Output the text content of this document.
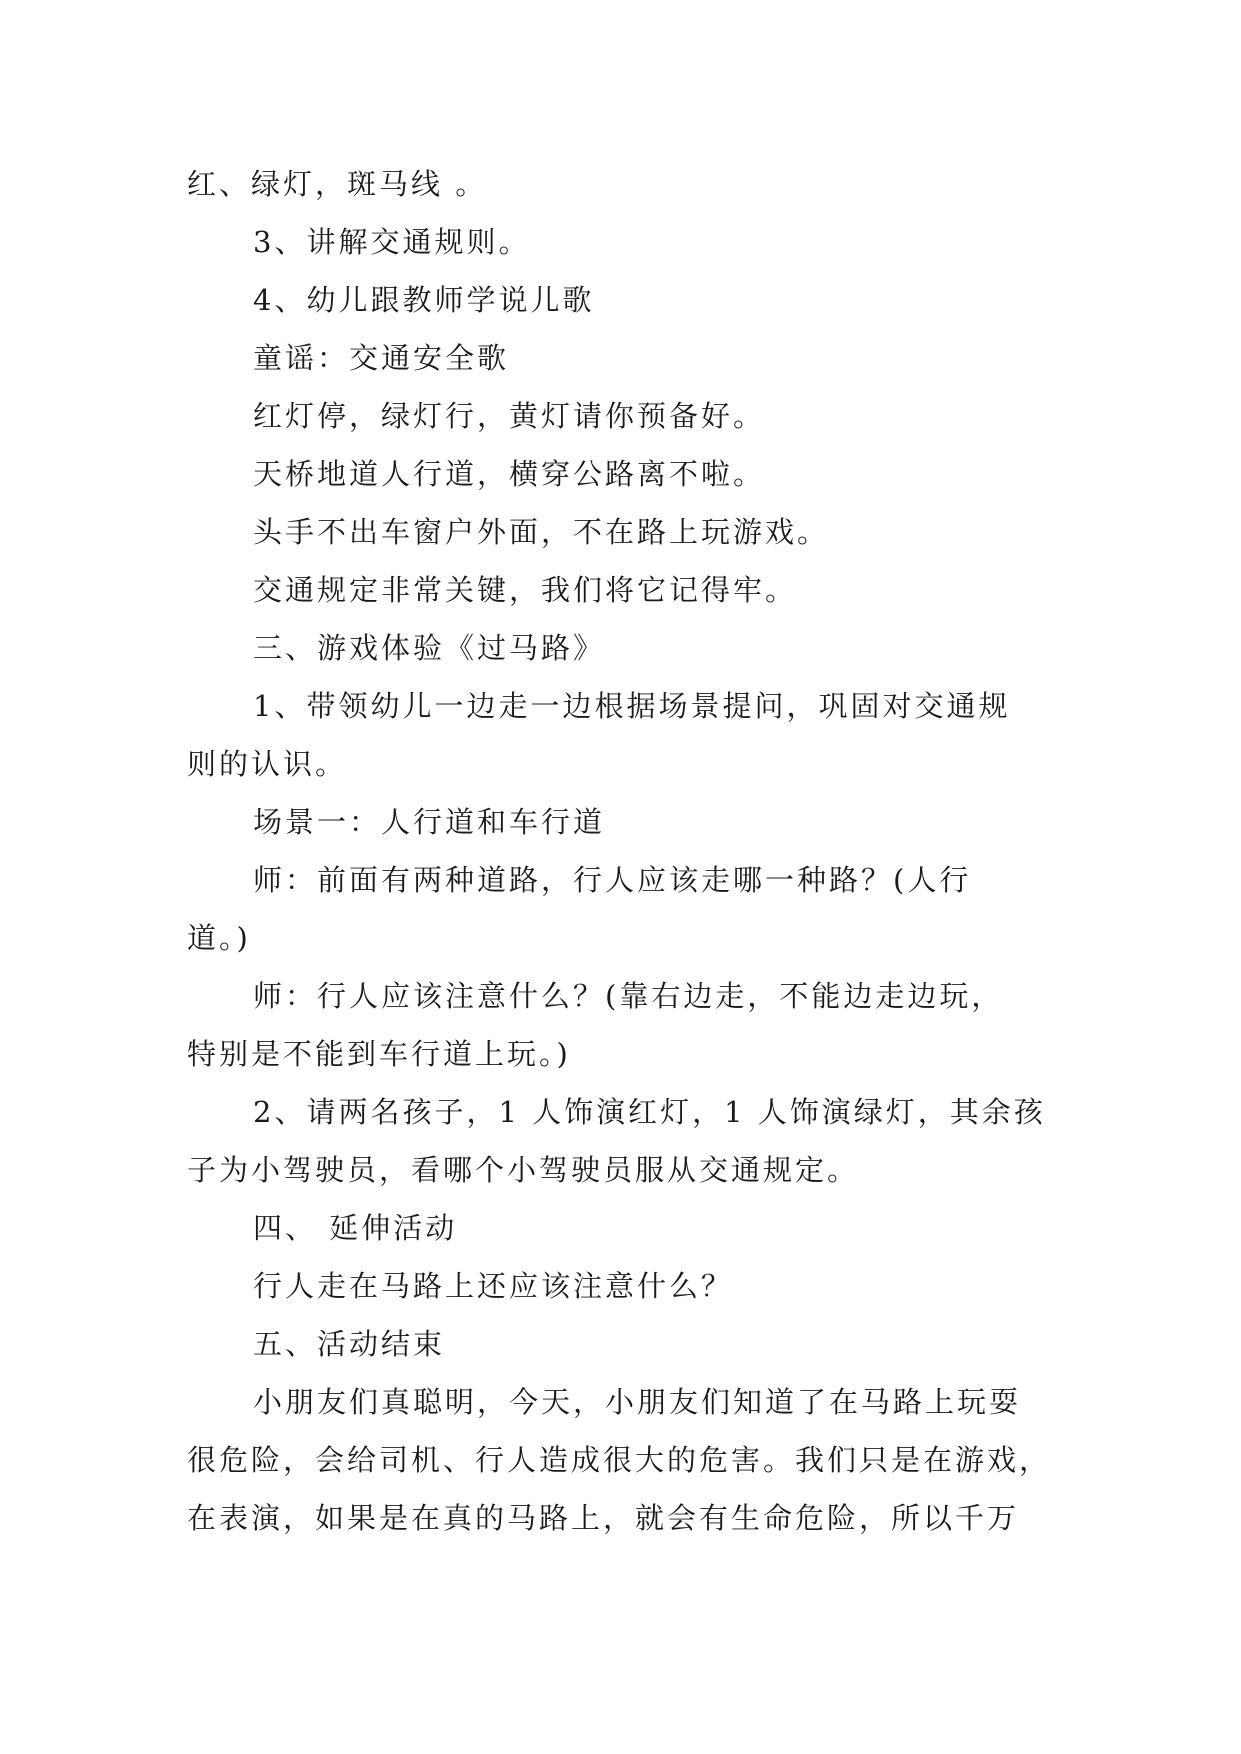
红、绿灯，斑马线 。

3、讲解交通规则。

4、幼儿跟教师学说儿歌

童谣：交通安全歌

红灯停，绿灯行，黄灯请你预备好。

天桥地道人行道，横穿公路离不啦。

头手不出车窗户外面，不在路上玩游戏。

交通规定非常关键，我们将它记得牢。

三、游戏体验《过马路》

1、带领幼儿一边走一边根据场景提问，巩固对交通规

则的认识。

场景一：人行道和车行道

师：前面有两种道路，行人应该走哪一种路？(人行

道。)

师：行人应该注意什么？(靠右边走，不能边走边玩，

特别是不能到车行道上玩。)

2、请两名孩子，1 人饰演红灯，1 人饰演绿灯，其余孩

子为小驾驶员，看哪个小驾驶员服从交通规定。

四、 延伸活动

行人走在马路上还应该注意什么？

五、活动结束

小朋友们真聪明，今天，小朋友们知道了在马路上玩耍

很危险，会给司机、行人造成很大的危害。我们只是在游戏，

在表演，如果是在真的马路上，就会有生命危险，所以千万
